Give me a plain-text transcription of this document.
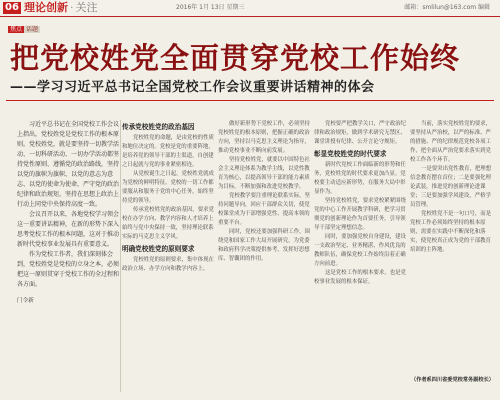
06 理论创新 · 关注	2016年 1月 13日 星期三	邮箱：smlilun@163.com 编辑
焦点 话题
把党校姓党全面贯穿党校工作始终
——学习习近平总书记全国党校工作会议重要讲话精神的体会

习近平总书记在全国党校工作会议上指出，党校姓党是党校工作的根本原则。党校姓党，就是要坚持一切教学活动、一切科研活动、一切办学活动都坚持党性原则、遵循党的政治路线，坚持以党的旗帜为旗帜、以党的意志为意志、以党的使命为使命，严守党的政治纪律和政治规矩，坚持在思想上政治上行动上同党中央保持高度一致。

会议召开以来，各地党校学习领会这一重要讲话精神，在新的形势下深入思考党校工作的根本问题，这对于推动新时代党校事业发展具有重要意义。

作为党校工作者，我们深刻体会到，党校姓党是党校的立身之本，必须把这一原则贯穿于党校工作的全过程和各方面。

门令新
传承党校姓党的政治基因

党校姓党的命题，是由党校的性质和地位决定的。党校是党的重要阵地，是培养党的领导干部的主渠道，自创建之日起就与党的事业紧密相连。

从党校诞生之日起，党校姓党就成为党校的鲜明特征。党校的一切工作都要服从和服务于党的中心任务，始终坚持党的领导。

传承党校姓党的政治基因，要求党校在办学方向、教学内容和人才培养上始终与党中央保持一致，坚持理论联系实际的马克思主义学风。

明确党校姓党的原则要求

党校姓党的原则要求，集中体现在政治立场、办学方向和教学内容上。

做好新形势下党校工作，必须坚持党校姓党的根本原则，把握正确的政治方向，坚持以马克思主义理论为指导，推动党校事业不断向前发展。

坚持党校姓党，就要以中国特色社会主义理论体系为教学主线，以党性教育为核心，以提高领导干部的能力素质为目标，不断加强和改进党校教学。

党校教学要注重理论联系实际，坚持问题导向，回应干部群众关切，使党校课堂成为干部增强党性、提高本领的重要平台。

同时，党校还要加强科研工作，围绕党和国家工作大局开展研究，为党委和政府科学决策提供参考，发挥好思想库、智囊团的作用。

党校要严把教学关口，严守政治纪律和政治规矩，做到学术研究无禁区、课堂讲授有纪律、公开言论守规矩。

彰显党校姓党的时代要求

新时代党校工作面临新的形势和任务，党校姓党的时代要求更加凸显。党校要主动适应新形势，在服务大局中彰显作为。

坚持党校姓党，要求党校紧紧围绕党的中心工作开展教学科研，把学习贯彻党的创新理论作为首要任务，引导领导干部坚定理想信念。

同时，要加强党校自身建设，建设一支政治坚定、业务精湛、作风优良的教师队伍，确保党校工作始终沿着正确方向前进。

这是党校工作的根本要求，也是党校事业发展的根本保证。

当前，落实党校姓党的要求，要坚持从严治校，以严的标准、严的措施、严的纪律规范党校各项工作，把全面从严治党要求落实到党校工作各个环节。

一是要突出党性教育，把理想信念教育摆在首位；二是要强化理论武装，推进党的创新理论进课堂；三是要加强学风建设，严格学员管理。

党校姓党不是一句口号，而是党校工作必须始终坚持的根本原则，需要在实践中不断深化和落实，使党校真正成为党的干部教育培训的主阵地。

（作者系四川省委党校常务副校长）
